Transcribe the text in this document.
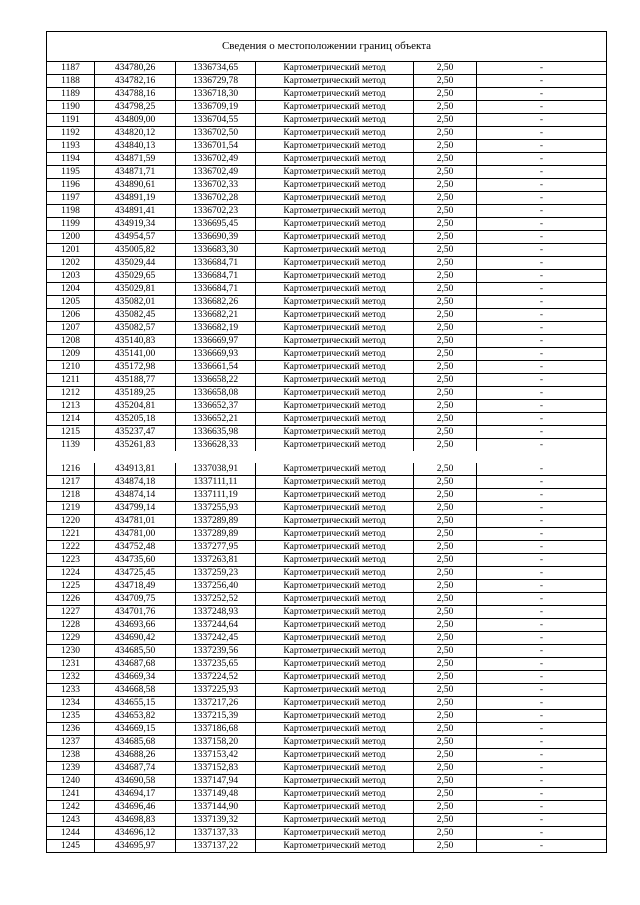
Сведения о местоположении границ объекта
1187	434780,26	1336734,65	Картометрический метод	2,50	-
1188	434782,16	1336729,78	Картометрический метод	2,50	-
1189	434788,16	1336718,30	Картометрический метод	2,50	-
1190	434798,25	1336709,19	Картометрический метод	2,50	-
1191	434809,00	1336704,55	Картометрический метод	2,50	-
1192	434820,12	1336702,50	Картометрический метод	2,50	-
1193	434840,13	1336701,54	Картометрический метод	2,50	-
1194	434871,59	1336702,49	Картометрический метод	2,50	-
1195	434871,71	1336702,49	Картометрический метод	2,50	-
1196	434890,61	1336702,33	Картометрический метод	2,50	-
1197	434891,19	1336702,28	Картометрический метод	2,50	-
1198	434891,41	1336702,23	Картометрический метод	2,50	-
1199	434919,34	1336695,45	Картометрический метод	2,50	-
1200	434954,57	1336690,39	Картометрический метод	2,50	-
1201	435005,82	1336683,30	Картометрический метод	2,50	-
1202	435029,44	1336684,71	Картометрический метод	2,50	-
1203	435029,65	1336684,71	Картометрический метод	2,50	-
1204	435029,81	1336684,71	Картометрический метод	2,50	-
1205	435082,01	1336682,26	Картометрический метод	2,50	-
1206	435082,45	1336682,21	Картометрический метод	2,50	-
1207	435082,57	1336682,19	Картометрический метод	2,50	-
1208	435140,83	1336669,97	Картометрический метод	2,50	-
1209	435141,00	1336669,93	Картометрический метод	2,50	-
1210	435172,98	1336661,54	Картометрический метод	2,50	-
1211	435188,77	1336658,22	Картометрический метод	2,50	-
1212	435189,25	1336658,08	Картометрический метод	2,50	-
1213	435204,81	1336652,37	Картометрический метод	2,50	-
1214	435205,18	1336652,21	Картометрический метод	2,50	-
1215	435237,47	1336635,98	Картометрический метод	2,50	-
1139	435261,83	1336628,33	Картометрический метод	2,50	-

1216	434913,81	1337038,91	Картометрический метод	2,50	-
1217	434874,18	1337111,11	Картометрический метод	2,50	-
1218	434874,14	1337111,19	Картометрический метод	2,50	-
1219	434799,14	1337255,93	Картометрический метод	2,50	-
1220	434781,01	1337289,89	Картометрический метод	2,50	-
1221	434781,00	1337289,89	Картометрический метод	2,50	-
1222	434752,48	1337277,95	Картометрический метод	2,50	-
1223	434735,60	1337263,81	Картометрический метод	2,50	-
1224	434725,45	1337259,23	Картометрический метод	2,50	-
1225	434718,49	1337256,40	Картометрический метод	2,50	-
1226	434709,75	1337252,52	Картометрический метод	2,50	-
1227	434701,76	1337248,93	Картометрический метод	2,50	-
1228	434693,66	1337244,64	Картометрический метод	2,50	-
1229	434690,42	1337242,45	Картометрический метод	2,50	-
1230	434685,50	1337239,56	Картометрический метод	2,50	-
1231	434687,68	1337235,65	Картометрический метод	2,50	-
1232	434669,34	1337224,52	Картометрический метод	2,50	-
1233	434668,58	1337225,93	Картометрический метод	2,50	-
1234	434655,15	1337217,26	Картометрический метод	2,50	-
1235	434653,82	1337215,39	Картометрический метод	2,50	-
1236	434669,15	1337186,68	Картометрический метод	2,50	-
1237	434685,68	1337158,20	Картометрический метод	2,50	-
1238	434688,26	1337153,42	Картометрический метод	2,50	-
1239	434687,74	1337152,83	Картометрический метод	2,50	-
1240	434690,58	1337147,94	Картометрический метод	2,50	-
1241	434694,17	1337149,48	Картометрический метод	2,50	-
1242	434696,46	1337144,90	Картометрический метод	2,50	-
1243	434698,83	1337139,32	Картометрический метод	2,50	-
1244	434696,12	1337137,33	Картометрический метод	2,50	-
1245	434695,97	1337137,22	Картометрический метод	2,50	-
